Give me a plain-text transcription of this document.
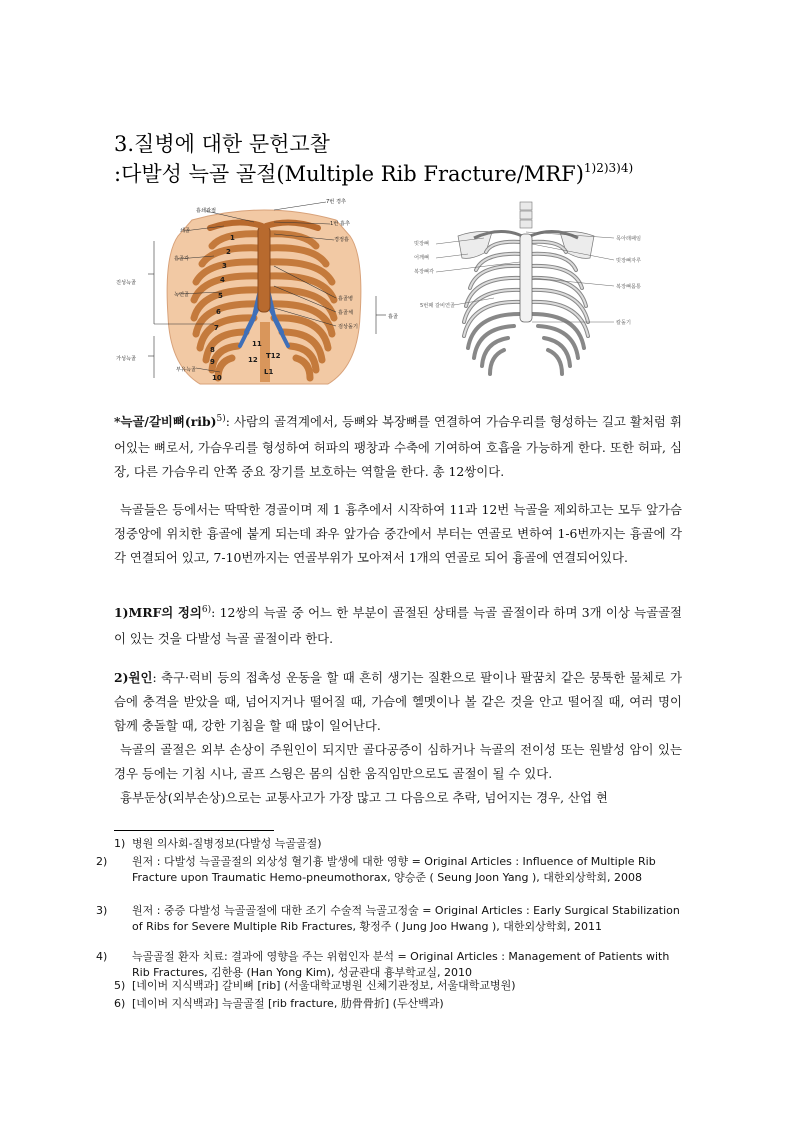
3.질병에 대한 문헌고찰
:다발성 늑골 골절(Multiple Rib Fracture/MRF)$^{1)2)3)4)}$
흉쇄관절
쇄골
흉골각
진성늑골
녹연골
가성늑골
부유늑골
7번 경추
1번 흉추
경정흉
흉골병
흉골체
검상돌기
흉골
1
2
3
4
5
6
7
8
9
10
11
12 T12
L1
빗장뼈
어깨뼈
복장뼈각
5번째 갈비연골
목아래패임
빗장뼈자루
복장뼈몸통
칼돌기
*늑골/갈비뼈(rib)$^{5)}$: 사람의 골격계에서, 등뼈와 복장뼈를 연결하여 가슴우리를 형성하는 길고 활처럼 휘어있는 뼈로서, 가슴우리를 형성하여 허파의 팽창과 수축에 기여하여 호흡을 가능하게 한다. 또한 허파, 심장, 다른 가슴우리 안쪽 중요 장기를 보호하는 역할을 한다. 총 12쌍이다.
늑골들은 등에서는 딱딱한 경골이며 제 1 흉추에서 시작하여 11과 12번 늑골을 제외하고는 모두 앞가슴 정중앙에 위치한 흉골에 붙게 되는데 좌우 앞가슴 중간에서 부터는 연골로 변하여 1-6번까지는 흉골에 각각 연결되어 있고, 7-10번까지는 연골부위가 모아져서 1개의 연골로 되어 흉골에 연결되어있다.
1)MRF의 정의$^{6)}$: 12쌍의 늑골 중 어느 한 부분이 골절된 상태를 늑골 골절이라 하며 3개 이상 늑골골절이 있는 것을 다발성 늑골 골절이라 한다.
2)원인: 축구·럭비 등의 접촉성 운동을 할 때 흔히 생기는 질환으로 팔이나 팔꿈치 같은 뭉툭한 물체로 가슴에 충격을 받았을 때, 넘어지거나 떨어질 때, 가슴에 헬멧이나 볼 같은 것을 안고 떨어질 때, 여러 명이 함께 충돌할 때, 강한 기침을 할 때 많이 일어난다.
늑골의 골절은 외부 손상이 주원인이 되지만 골다공증이 심하거나 늑골의 전이성 또는 원발성 암이 있는 경우 등에는 기침 시나, 골프 스윙은 몸의 심한 움직임만으로도 골절이 될 수 있다.
흉부둔상(외부손상)으로는 교통사고가 가장 많고 그 다음으로 추락, 넘어지는 경우, 산업 현
1) 병원 의사회-질병정보(다발성 늑골골절)
2) 원저 : 다발성 늑골골절의 외상성 혈기흉 발생에 대한 영향 = Original Articles : Influence of Multiple Rib Fracture upon Traumatic Hemo-pneumothorax, 양승준 ( Seung Joon Yang ), 대한외상학회, 2008
3) 원저 : 중증 다발성 늑골골절에 대한 조기 수술적 늑골고정술 = Original Articles : Early Surgical Stabilization of Ribs for Severe Multiple Rib Fractures, 황정주 ( Jung Joo Hwang ), 대한외상학회, 2011
4) 늑골골절 환자 치료: 결과에 영향을 주는 위험인자 분석 = Original Articles : Management of Patients with Rib Fractures, 김한용 (Han Yong Kim), 성균관대 흉부학교실, 2010
5) [네이버 지식백과] 갈비뼈 [rib] (서울대학교병원 신체기관정보, 서울대학교병원)
6) [네이버 지식백과] 늑골골절 [rib fracture, 肋骨骨折] (두산백과)
